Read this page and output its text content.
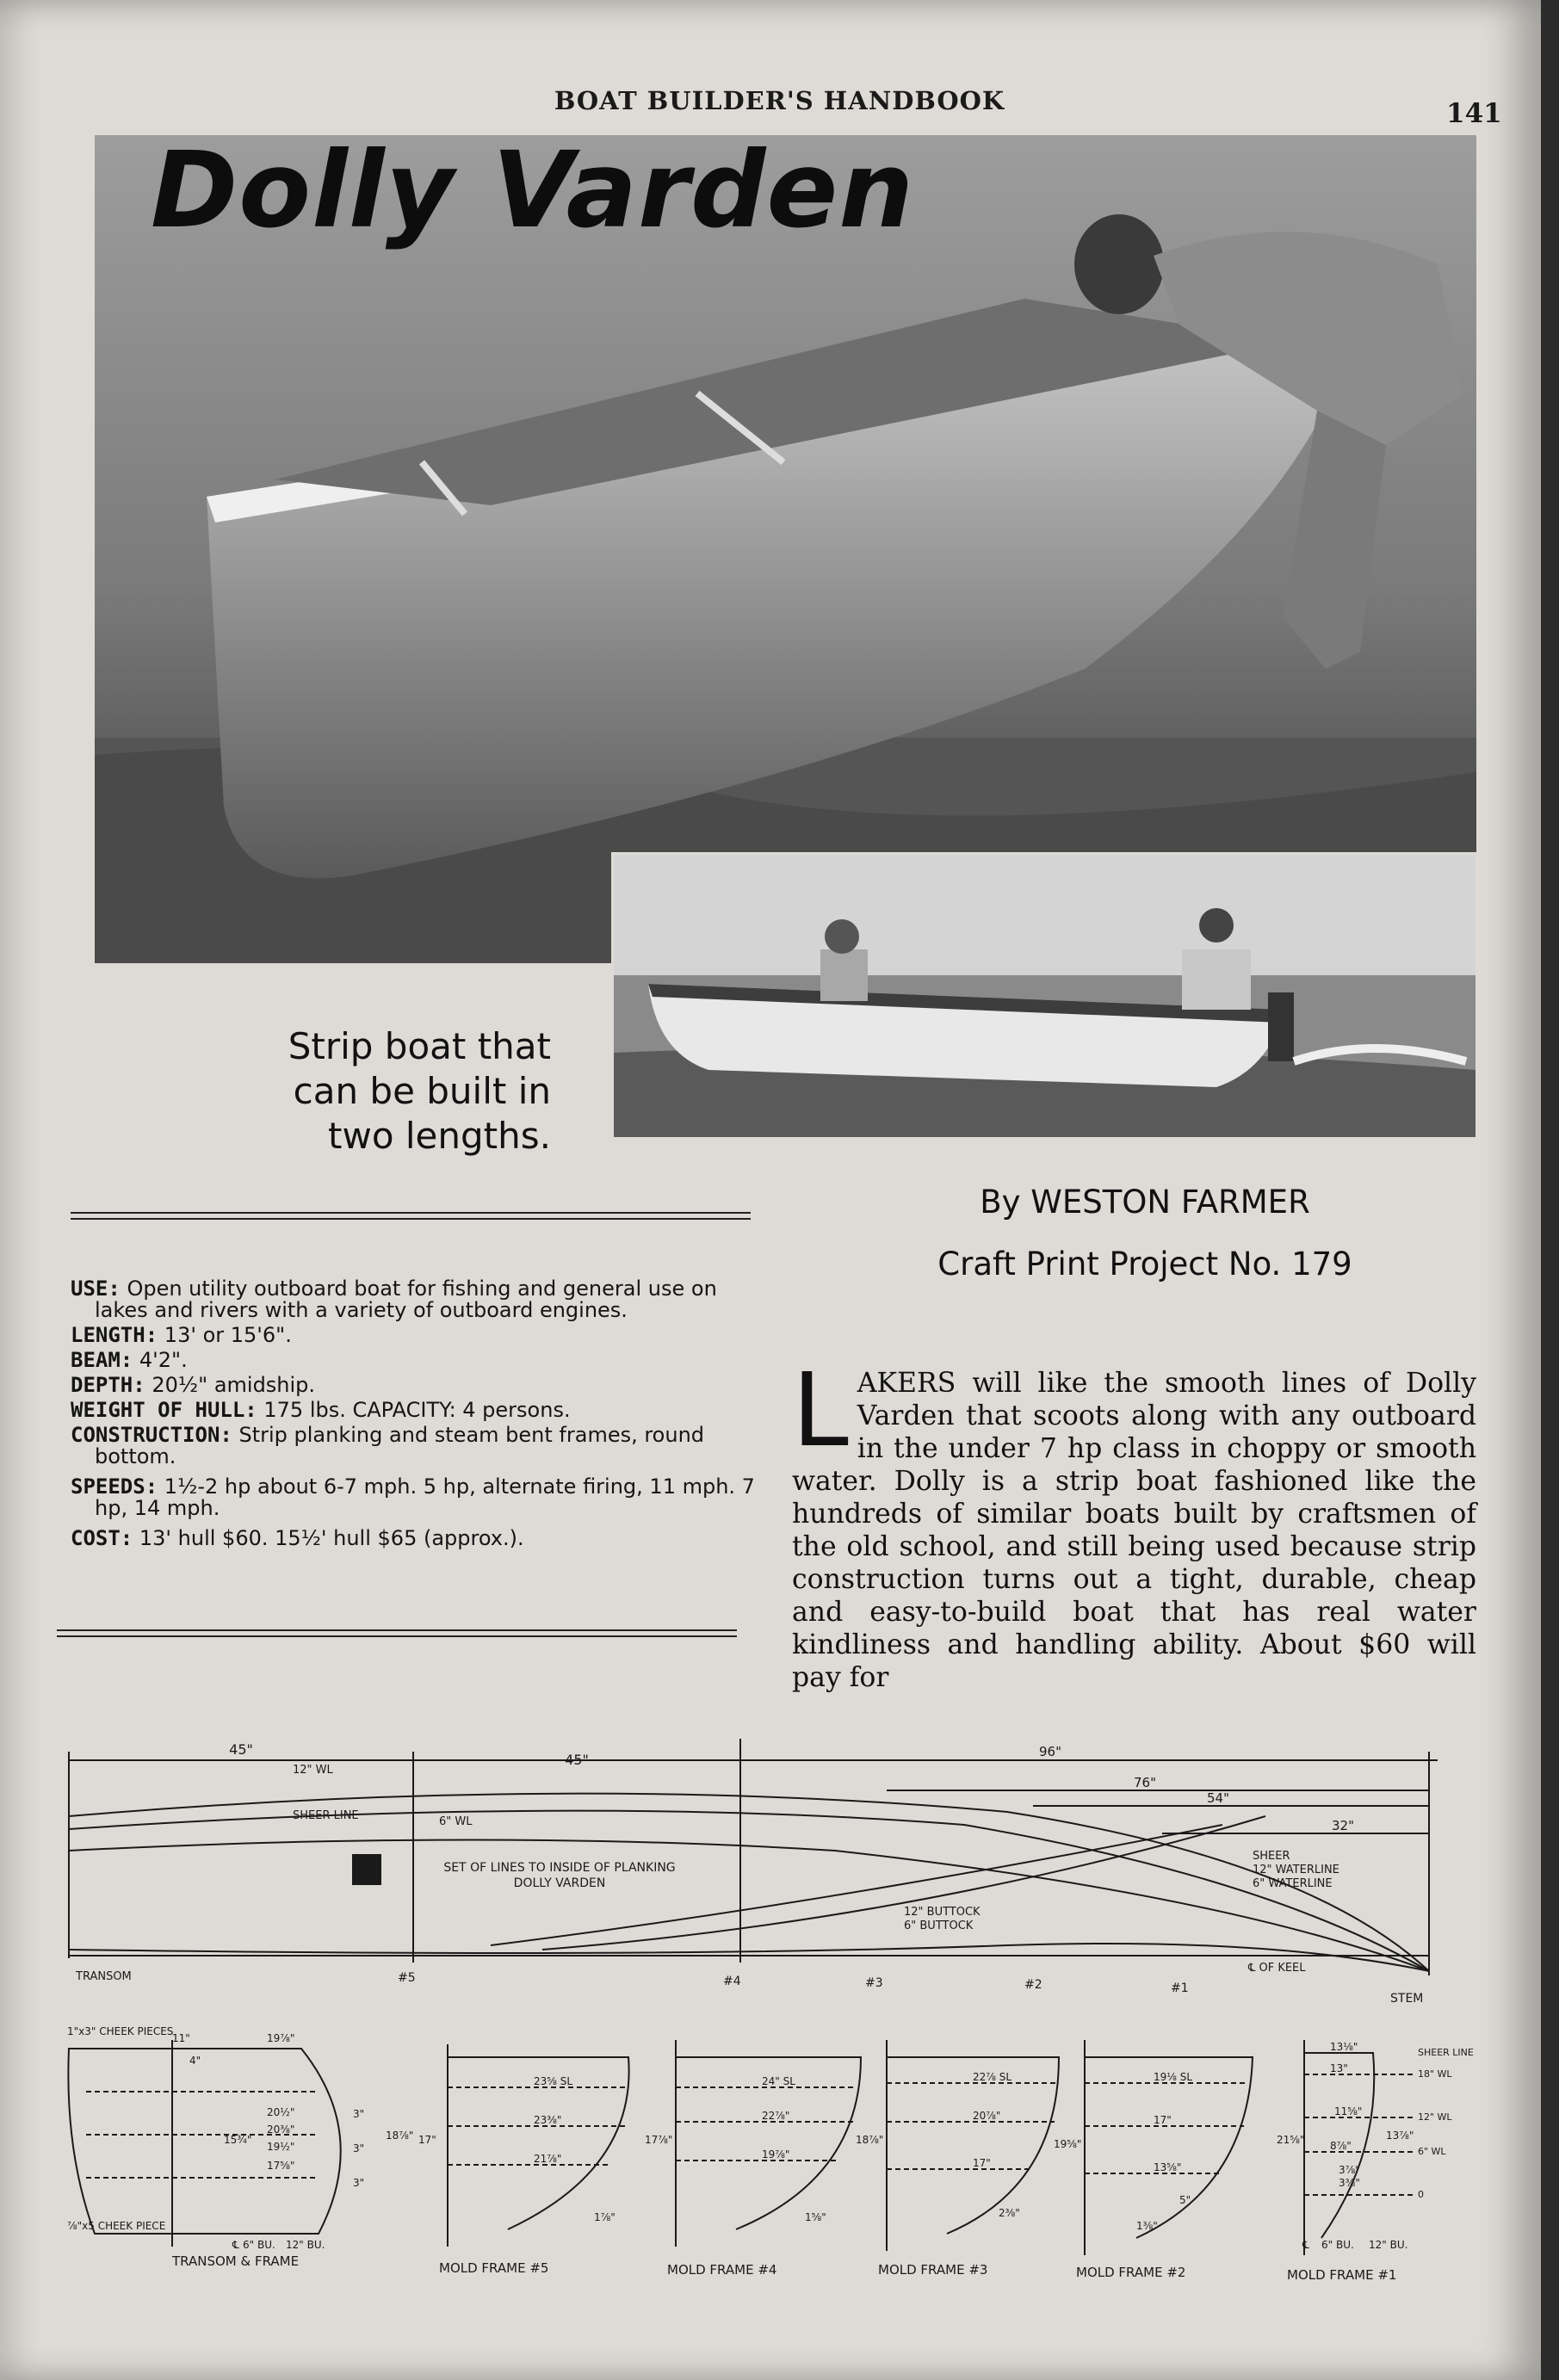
BOAT BUILDER'S HANDBOOK	141
Dolly Varden
Strip boat that
can be built in
two lengths.
By WESTON FARMER
Craft Print Project No. 179
USE: Open utility outboard boat for fishing and general use on lakes and rivers with a variety of outboard engines.
LENGTH: 13' or 15'6".
BEAM: 4'2".
DEPTH: 20½" amidship.
WEIGHT OF HULL: 175 lbs. CAPACITY: 4 persons.
CONSTRUCTION: Strip planking and steam bent frames, round bottom.
SPEEDS: 1½-2 hp about 6-7 mph. 5 hp, alternate firing, 11 mph. 7 hp, 14 mph.
COST: 13' hull $60. 15½' hull $65 (approx.).
LAKERS will like the smooth lines of Dolly Varden that scoots along with any outboard in the under 7 hp class in choppy or smooth water. Dolly is a strip boat fashioned like the hundreds of similar boats built by craftsmen of the old school, and still being used because strip construction turns out a tight, durable, cheap and easy-to-build boat that has real water kindliness and handling ability. About $60 will pay for
1	SET OF LINES TO INSIDE OF PLANKING
DOLLY VARDEN
45"
45"	96"
76"
54"
32"
12" WL
SHEER LINE	6" WL
SHEER
12" WATERLINE
6" WATERLINE
12" BUTTOCK
6" BUTTOCK
℄ OF KEEL
TRANSOM	#5	#4	#3	#2	#1
STEM
1"x3" CHEEK PIECES
11"	19⅞"
4"
20½"
20⅜"
19½"
17⅝"
15¾"
3"
3"
3"
18⅞"
⅞"x5 CHEEK PIECE
℄ 6" BU. 12" BU.
TRANSOM & FRAME
23⅝ SL
23⅜"
21⅞"
17"
1⅞"
MOLD FRAME #5
24" SL
22⅞"
19⅞"
17⅞"
1⅝"
MOLD FRAME #4
22⅞ SL
20⅞"
17"
18⅞"
2⅜"
MOLD FRAME #3
19⅛ SL
17"
13⅝"
19⅝"
5"
1⅜"
MOLD FRAME #2
13⅛"
13"
11⅝"
8⅞"
21⅝"	13⅞"
3⅞"
3⅜"
SHEER LINE
18" WL
12" WL
6" WL
0
℄ 6" BU. 12" BU.
MOLD FRAME #1
